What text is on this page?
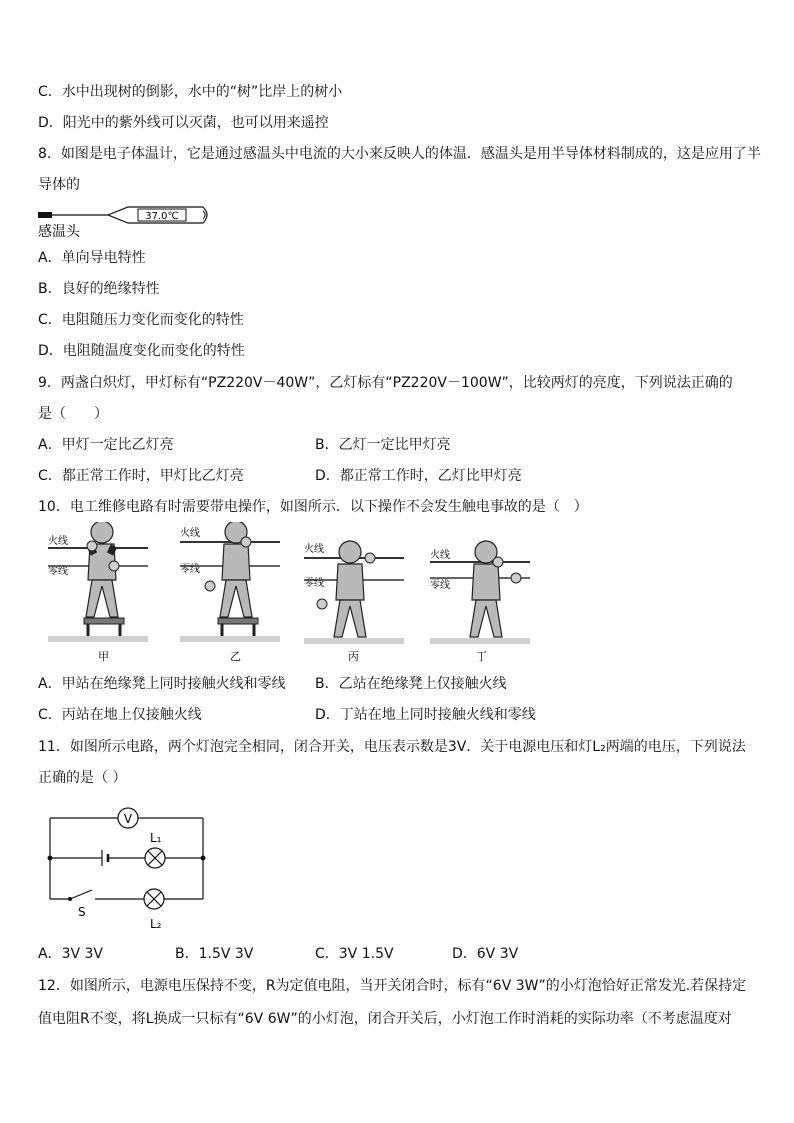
C．水中出现树的倒影，水中的“树”比岸上的树小
D．阳光中的紫外线可以灭菌，也可以用来遥控
8．如图是电子体温计，它是通过感温头中电流的大小来反映人的体温．感温头是用半导体材料制成的，这是应用了半
导体的
37.0℃
感温头
A．单向导电特性
B．良好的绝缘特性
C．电阻随压力变化而变化的特性
D．电阻随温度变化而变化的特性
9．两盏白炽灯，甲灯标有“PZ220V－40W”，乙灯标有“PZ220V－100W”，比较两灯的亮度，下列说法正确的
是（　　）
A．甲灯一定比乙灯亮	B．乙灯一定比甲灯亮
C．都正常工作时，甲灯比乙灯亮	D．都正常工作时，乙灯比甲灯亮
10．电工维修电路有时需要带电操作，如图所示．以下操作不会发生触电事故的是（　）
火线
零线
甲
火线
零线
乙
火线
零线
丙
火线
零线
丁
A．甲站在绝缘凳上同时接触火线和零线 B．乙站在绝缘凳上仅接触火线
C．丙站在地上仅接触火线	D．丁站在地上同时接触火线和零线
11．如图所示电路，两个灯泡完全相同，闭合开关，电压表示数是3V．关于电源电压和灯L₂两端的电压，下列说法
正确的是（ ）
V
L₁
L₂
S
A．3V 3V	B．1.5V 3V	C．3V 1.5V	D．6V 3V
12．如图所示，电源电压保持不变，R为定值电阻，当开关闭合时，标有“6V 3W”的小灯泡恰好正常发光.若保持定
值电阻R不变，将L换成一只标有“6V 6W”的小灯泡，闭合开关后，小灯泡工作时消耗的实际功率（不考虑温度对
